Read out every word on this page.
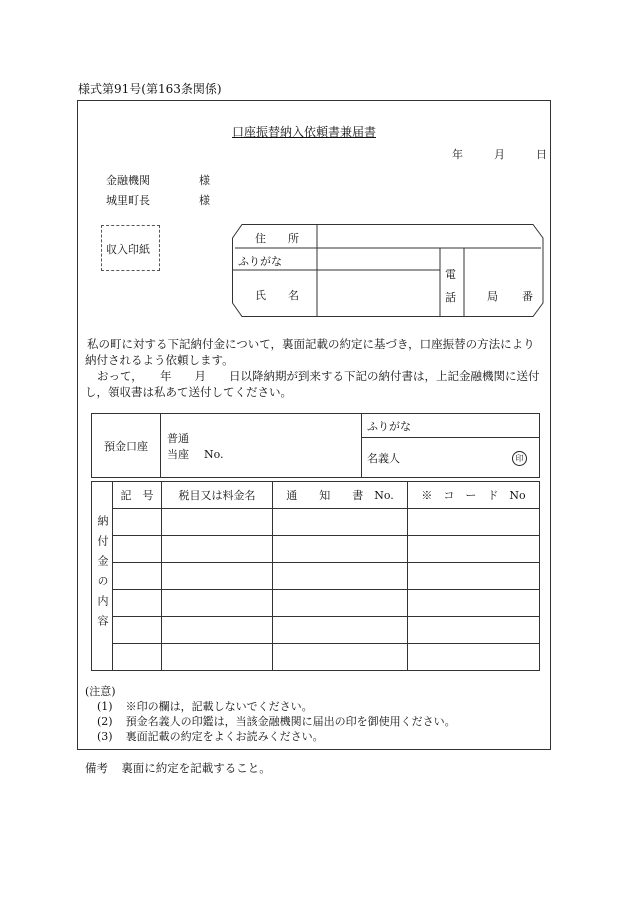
様式第91号(第163条関係)
口座振替納入依頼書兼届書
年	月	日
金融機関	様
城里町長	様
収入印紙
住　　所
ふりがな
氏　　名
電
話	局 番
私の町に対する下記納付金について，裏面記載の約定に基づき，口座振替の方法により
納付されるよう依頼します。
おって，　　年　　月　　日以降納期が到来する下記の納付書は，上記金融機関に送付
し，領収書は私あて送付してください。
預金口座	
普通
当座 No.
	ふりがな
名義人	印
納付金の内容	記　号	税目又は料金名	通　　知　　書　No.	※　コ　ー　ド　No

(注意)
(1) ※印の欄は，記載しないでください。
(2) 預金名義人の印鑑は，当該金融機関に届出の印を御使用ください。
(3) 裏面記載の約定をよくお読みください。
備考 裏面に約定を記載すること。
